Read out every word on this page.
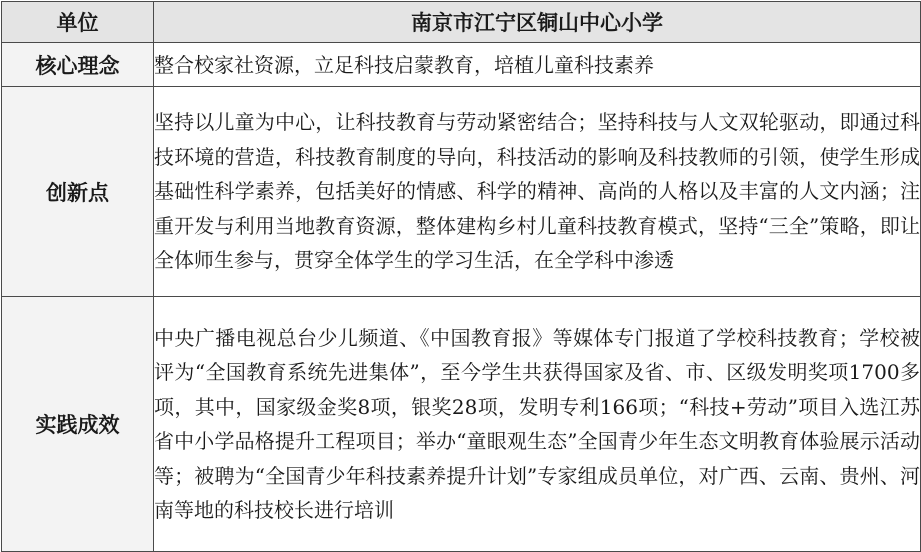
单位	南京市江宁区铜山中心小学
核心理念	整合校家社资源，立足科技启蒙教育，培植儿童科技素养
创新点	坚持以儿童为中心，让科技教育与劳动紧密结合；坚持科技与人文双轮驱动，即通过科技环境的营造，科技教育制度的导向，科技活动的影响及科技教师的引领，使学生形成基础性科学素养，包括美好的情感、科学的精神、高尚的人格以及丰富的人文内涵；注重开发与利用当地教育资源，整体建构乡村儿童科技教育模式，坚持“三全”策略，即让全体师生参与，贯穿全体学生的学习生活，在全学科中渗透
实践成效	中央广播电视总台少儿频道、《中国教育报》等媒体专门报道了学校科技教育；学校被评为“全国教育系统先进集体”，至今学生共获得国家及省、市、区级发明奖项1700多项，其中，国家级金奖8项，银奖28项，发明专利166项；“科技+劳动”项目入选江苏省中小学品格提升工程项目；举办“童眼观生态”全国青少年生态文明教育体验展示活动等；被聘为“全国青少年科技素养提升计划”专家组成员单位，对广西、云南、贵州、河南等地的科技校长进行培训
